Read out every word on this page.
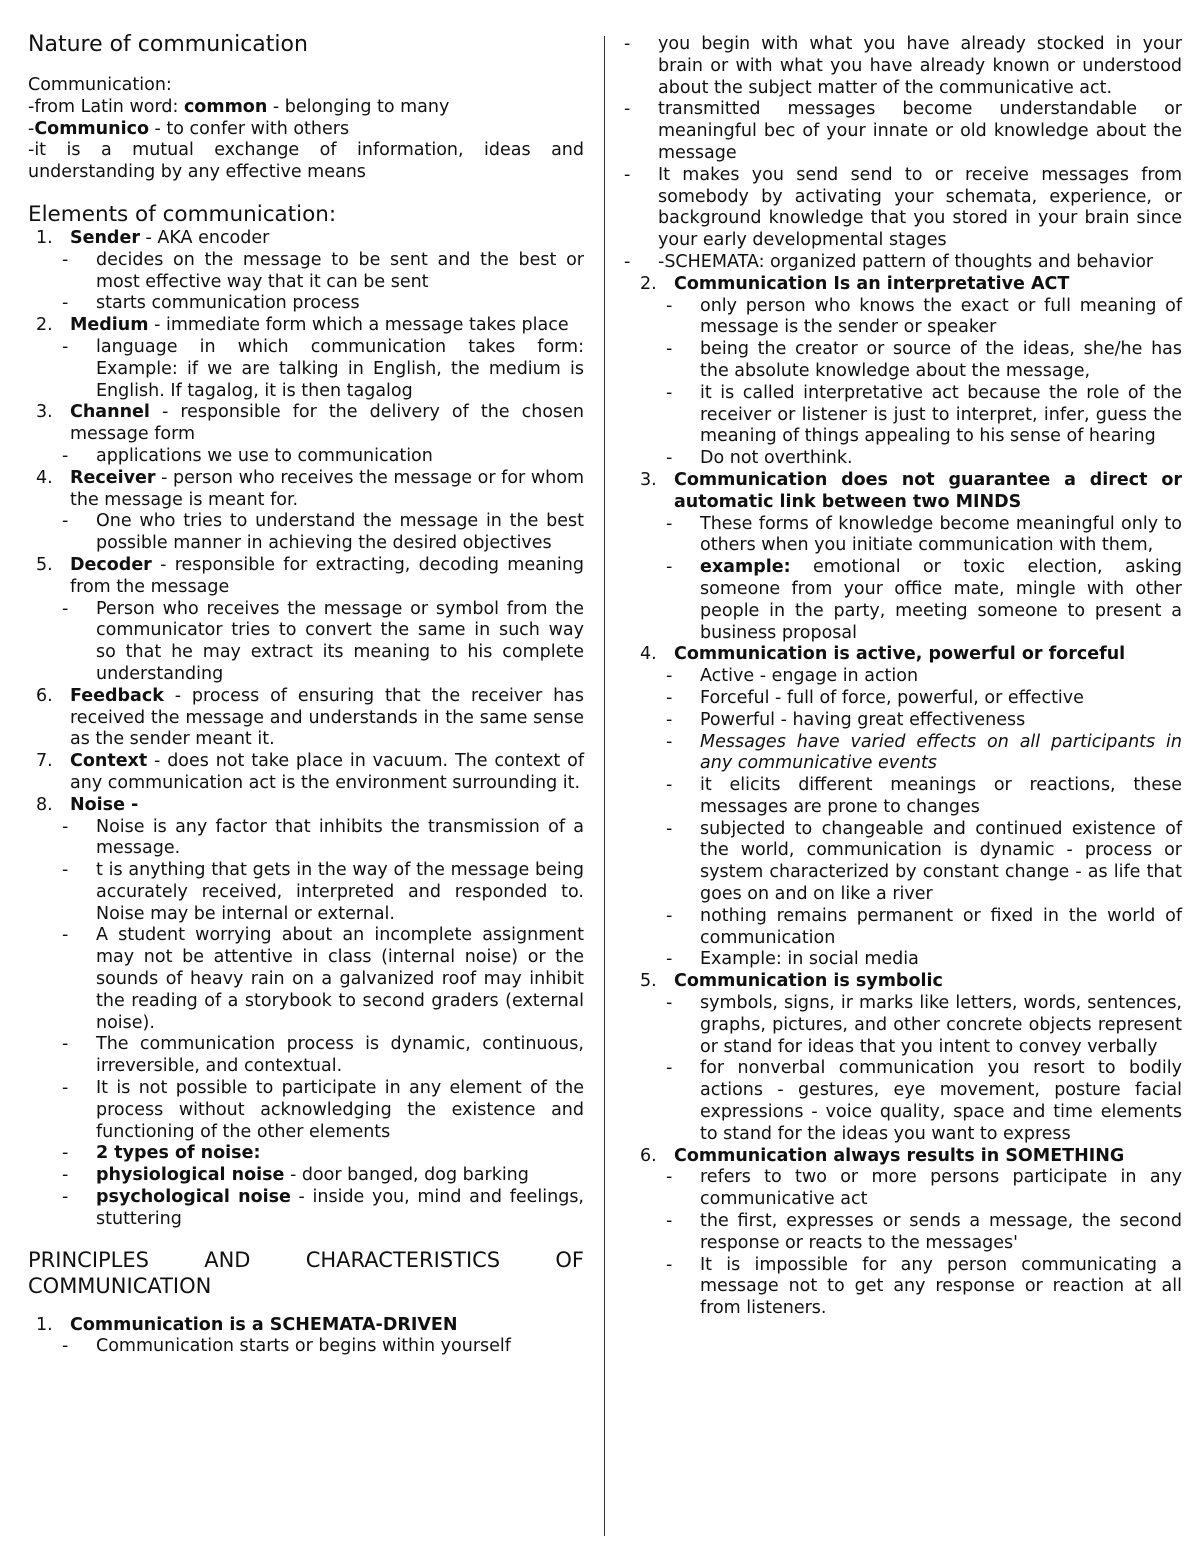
Nature of communication

Communication:

-from Latin word: common - belonging to many

-Communico - to confer with others

-it is a mutual exchange of information, ideas and understanding by any effective means

Elements of communication:
1. Sender - AKA encoder
- decides on the message to be sent and the best or most effective way that it can be sent
- starts communication process
2. Medium - immediate form which a message takes place
- language in which communication takes form: Example: if we are talking in English, the medium is English. If tagalog, it is then tagalog
3. Channel - responsible for the delivery of the chosen message form
- applications we use to communication
4. Receiver - person who receives the message or for whom the message is meant for.
- One who tries to understand the message in the best possible manner in achieving the desired objectives
5. Decoder - responsible for extracting, decoding meaning from the message
- Person who receives the message or symbol from the communicator tries to convert the same in such way so that he may extract its meaning to his complete understanding
6. Feedback - process of ensuring that the receiver has received the message and understands in the same sense as the sender meant it.
7. Context - does not take place in vacuum. The context of any communication act is the environment surrounding it.
8. Noise -
- Noise is any factor that inhibits the transmission of a message.
- t is anything that gets in the way of the message being accurately received, interpreted and responded to. Noise may be internal or external.
- A student worrying about an incomplete assignment may not be attentive in class (internal noise) or the sounds of heavy rain on a galvanized roof may inhibit the reading of a storybook to second graders (external noise).
- The communication process is dynamic, continuous, irreversible, and contextual.
- It is not possible to participate in any element of the process without acknowledging the existence and functioning of the other elements
- 2 types of noise:
- physiological noise - door banged, dog barking
- psychological noise - inside you, mind and feelings, stuttering
PRINCIPLES AND CHARACTERISTICS OF COMMUNICATION
1. Communication is a SCHEMATA-DRIVEN
- Communication starts or begins within yourself
- you begin with what you have already stocked in your brain or with what you have already known or understood about the subject matter of the communicative act.
- transmitted messages become understandable or meaningful bec of your innate or old knowledge about the message
- It makes you send send to or receive messages from somebody by activating your schemata, experience, or background knowledge that you stored in your brain since your early developmental stages
- -SCHEMATA: organized pattern of thoughts and behavior
2. Communication Is an interpretative ACT
- only person who knows the exact or full meaning of message is the sender or speaker
- being the creator or source of the ideas, she/he has the absolute knowledge about the message,
- it is called interpretative act because the role of the receiver or listener is just to interpret, infer, guess the meaning of things appealing to his sense of hearing
- Do not overthink.
3. Communication does not guarantee a direct or automatic link between two MINDS
- These forms of knowledge become meaningful only to others when you initiate communication with them,
- example: emotional or toxic election, asking someone from your office mate, mingle with other people in the party, meeting someone to present a business proposal
4. Communication is active, powerful or forceful
- Active - engage in action
- Forceful - full of force, powerful, or effective
- Powerful - having great effectiveness
- Messages have varied effects on all participants in any communicative events
- it elicits different meanings or reactions, these messages are prone to changes
- subjected to changeable and continued existence of the world, communication is dynamic - process or system characterized by constant change - as life that goes on and on like a river
- nothing remains permanent or fixed in the world of communication
- Example: in social media
5. Communication is symbolic
- symbols, signs, ir marks like letters, words, sentences, graphs, pictures, and other concrete objects represent or stand for ideas that you intent to convey verbally
- for nonverbal communication you resort to bodily actions - gestures, eye movement, posture facial expressions - voice quality, space and time elements to stand for the ideas you want to express
6. Communication always results in SOMETHING
- refers to two or more persons participate in any communicative act
- the first, expresses or sends a message, the second response or reacts to the messages'
- It is impossible for any person communicating a message not to get any response or reaction at all from listeners.
